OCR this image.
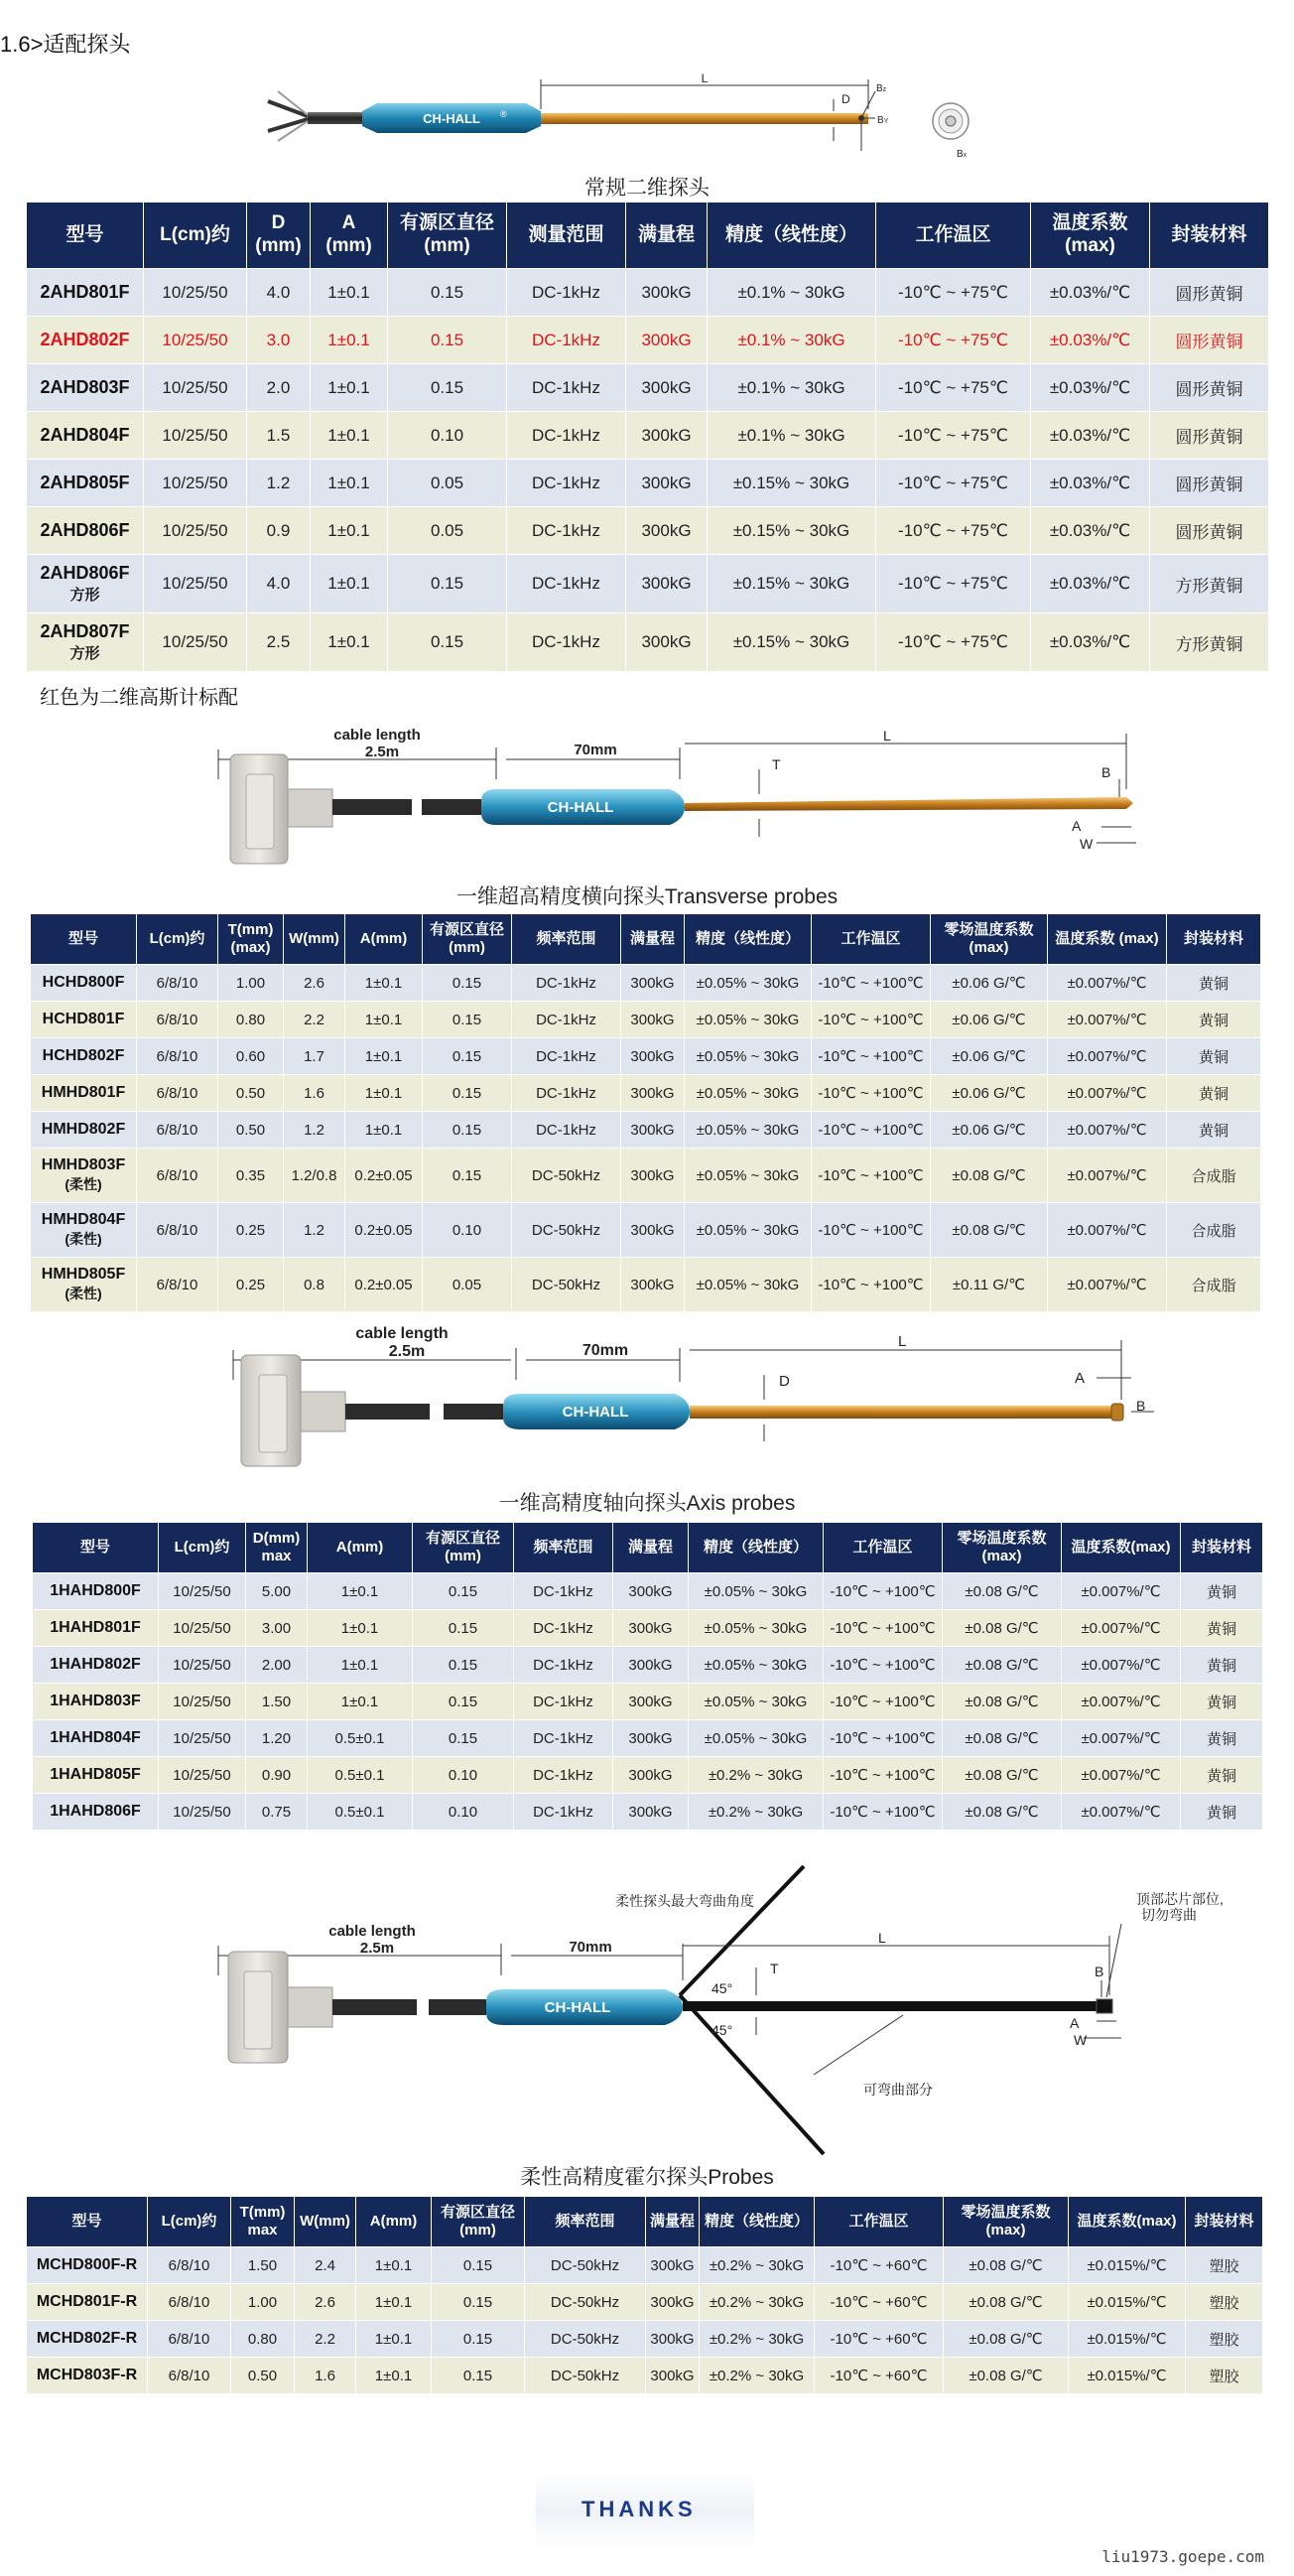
1.6>适配探头
CH-HALL ®
L
D
Bz
BY
Bx
常规二维探头
型号	L(cm)约	D
(mm)	A
(mm)	有源区直径
(mm)	测量范围	满量程	精度（线性度）	工作温区	温度系数
(max)	封装材料
2AHD801F	10/25/50	4.0	1±0.1	0.15	DC-1kHz	300kG	±0.1% ~ 30kG	-10℃ ~ +75℃	±0.03%/℃	圆形黄铜
2AHD802F	10/25/50	3.0	1±0.1	0.15	DC-1kHz	300kG	±0.1% ~ 30kG	-10℃ ~ +75℃	±0.03%/℃	圆形黄铜
2AHD803F	10/25/50	2.0	1±0.1	0.15	DC-1kHz	300kG	±0.1% ~ 30kG	-10℃ ~ +75℃	±0.03%/℃	圆形黄铜
2AHD804F	10/25/50	1.5	1±0.1	0.10	DC-1kHz	300kG	±0.1% ~ 30kG	-10℃ ~ +75℃	±0.03%/℃	圆形黄铜
2AHD805F	10/25/50	1.2	1±0.1	0.05	DC-1kHz	300kG	±0.15% ~ 30kG	-10℃ ~ +75℃	±0.03%/℃	圆形黄铜
2AHD806F	10/25/50	0.9	1±0.1	0.05	DC-1kHz	300kG	±0.15% ~ 30kG	-10℃ ~ +75℃	±0.03%/℃	圆形黄铜
2AHD806F
方形	10/25/50	4.0	1±0.1	0.15	DC-1kHz	300kG	±0.15% ~ 30kG	-10℃ ~ +75℃	±0.03%/℃	方形黄铜
2AHD807F
方形	10/25/50	2.5	1±0.1	0.15	DC-1kHz	300kG	±0.15% ~ 30kG	-10℃ ~ +75℃	±0.03%/℃	方形黄铜
红色为二维高斯计标配
cable length
2.5m	70mm
CH-HALL
L
T	B
A
W
一维超高精度横向探头Transverse probes
型号	L(cm)约	T(mm)
(max)	W(mm)	A(mm)	有源区直径
(mm)	频率范围	满量程	精度（线性度）	工作温区	零场温度系数
(max)	温度系数 (max)	封装材料
HCHD800F	6/8/10	1.00	2.6	1±0.1	0.15	DC-1kHz	300kG	±0.05% ~ 30kG	-10℃ ~ +100℃	±0.06 G/℃	±0.007%/℃	黄铜
HCHD801F	6/8/10	0.80	2.2	1±0.1	0.15	DC-1kHz	300kG	±0.05% ~ 30kG	-10℃ ~ +100℃	±0.06 G/℃	±0.007%/℃	黄铜
HCHD802F	6/8/10	0.60	1.7	1±0.1	0.15	DC-1kHz	300kG	±0.05% ~ 30kG	-10℃ ~ +100℃	±0.06 G/℃	±0.007%/℃	黄铜
HMHD801F	6/8/10	0.50	1.6	1±0.1	0.15	DC-1kHz	300kG	±0.05% ~ 30kG	-10℃ ~ +100℃	±0.06 G/℃	±0.007%/℃	黄铜
HMHD802F	6/8/10	0.50	1.2	1±0.1	0.15	DC-1kHz	300kG	±0.05% ~ 30kG	-10℃ ~ +100℃	±0.06 G/℃	±0.007%/℃	黄铜
HMHD803F
(柔性)	6/8/10	0.35	1.2/0.8	0.2±0.05	0.15	DC-50kHz	300kG	±0.05% ~ 30kG	-10℃ ~ +100℃	±0.08 G/℃	±0.007%/℃	合成脂
HMHD804F
(柔性)	6/8/10	0.25	1.2	0.2±0.05	0.10	DC-50kHz	300kG	±0.05% ~ 30kG	-10℃ ~ +100℃	±0.08 G/℃	±0.007%/℃	合成脂
HMHD805F
(柔性)	6/8/10	0.25	0.8	0.2±0.05	0.05	DC-50kHz	300kG	±0.05% ~ 30kG	-10℃ ~ +100℃	±0.11 G/℃	±0.007%/℃	合成脂
cable length
2.5m	70mm
CH-HALL
L
D	A
B
一维高精度轴向探头Axis probes
型号	L(cm)约	D(mm)
max	A(mm)	有源区直径
(mm)	频率范围	满量程	精度（线性度）	工作温区	零场温度系数
(max)	温度系数(max)	封装材料
1HAHD800F	10/25/50	5.00	1±0.1	0.15	DC-1kHz	300kG	±0.05% ~ 30kG	-10℃ ~ +100℃	±0.08 G/℃	±0.007%/℃	黄铜
1HAHD801F	10/25/50	3.00	1±0.1	0.15	DC-1kHz	300kG	±0.05% ~ 30kG	-10℃ ~ +100℃	±0.08 G/℃	±0.007%/℃	黄铜
1HAHD802F	10/25/50	2.00	1±0.1	0.15	DC-1kHz	300kG	±0.05% ~ 30kG	-10℃ ~ +100℃	±0.08 G/℃	±0.007%/℃	黄铜
1HAHD803F	10/25/50	1.50	1±0.1	0.15	DC-1kHz	300kG	±0.05% ~ 30kG	-10℃ ~ +100℃	±0.08 G/℃	±0.007%/℃	黄铜
1HAHD804F	10/25/50	1.20	0.5±0.1	0.15	DC-1kHz	300kG	±0.05% ~ 30kG	-10℃ ~ +100℃	±0.08 G/℃	±0.007%/℃	黄铜
1HAHD805F	10/25/50	0.90	0.5±0.1	0.10	DC-1kHz	300kG	±0.2% ~ 30kG	-10℃ ~ +100℃	±0.08 G/℃	±0.007%/℃	黄铜
1HAHD806F	10/25/50	0.75	0.5±0.1	0.10	DC-1kHz	300kG	±0.2% ~ 30kG	-10℃ ~ +100℃	±0.08 G/℃	±0.007%/℃	黄铜
柔性探头最大弯曲角度	顶部芯片部位,
切勿弯曲
cable length
2.5m	70mm
CH-HALL
45°
45°
L
T	B
A
W
可弯曲部分
柔性高精度霍尔探头Probes
型号	L(cm)约	T(mm)
max	W(mm)	A(mm)	有源区直径
(mm)	频率范围	满量程	精度（线性度）	工作温区	零场温度系数
(max)	温度系数(max)	封装材料
MCHD800F-R	6/8/10	1.50	2.4	1±0.1	0.15	DC-50kHz	300kG	±0.2% ~ 30kG	-10℃ ~ +60℃	±0.08 G/℃	±0.015%/℃	塑胶
MCHD801F-R	6/8/10	1.00	2.6	1±0.1	0.15	DC-50kHz	300kG	±0.2% ~ 30kG	-10℃ ~ +60℃	±0.08 G/℃	±0.015%/℃	塑胶
MCHD802F-R	6/8/10	0.80	2.2	1±0.1	0.15	DC-50kHz	300kG	±0.2% ~ 30kG	-10℃ ~ +60℃	±0.08 G/℃	±0.015%/℃	塑胶
MCHD803F-R	6/8/10	0.50	1.6	1±0.1	0.15	DC-50kHz	300kG	±0.2% ~ 30kG	-10℃ ~ +60℃	±0.08 G/℃	±0.015%/℃	塑胶
THANKS
liu1973.goepe.com
